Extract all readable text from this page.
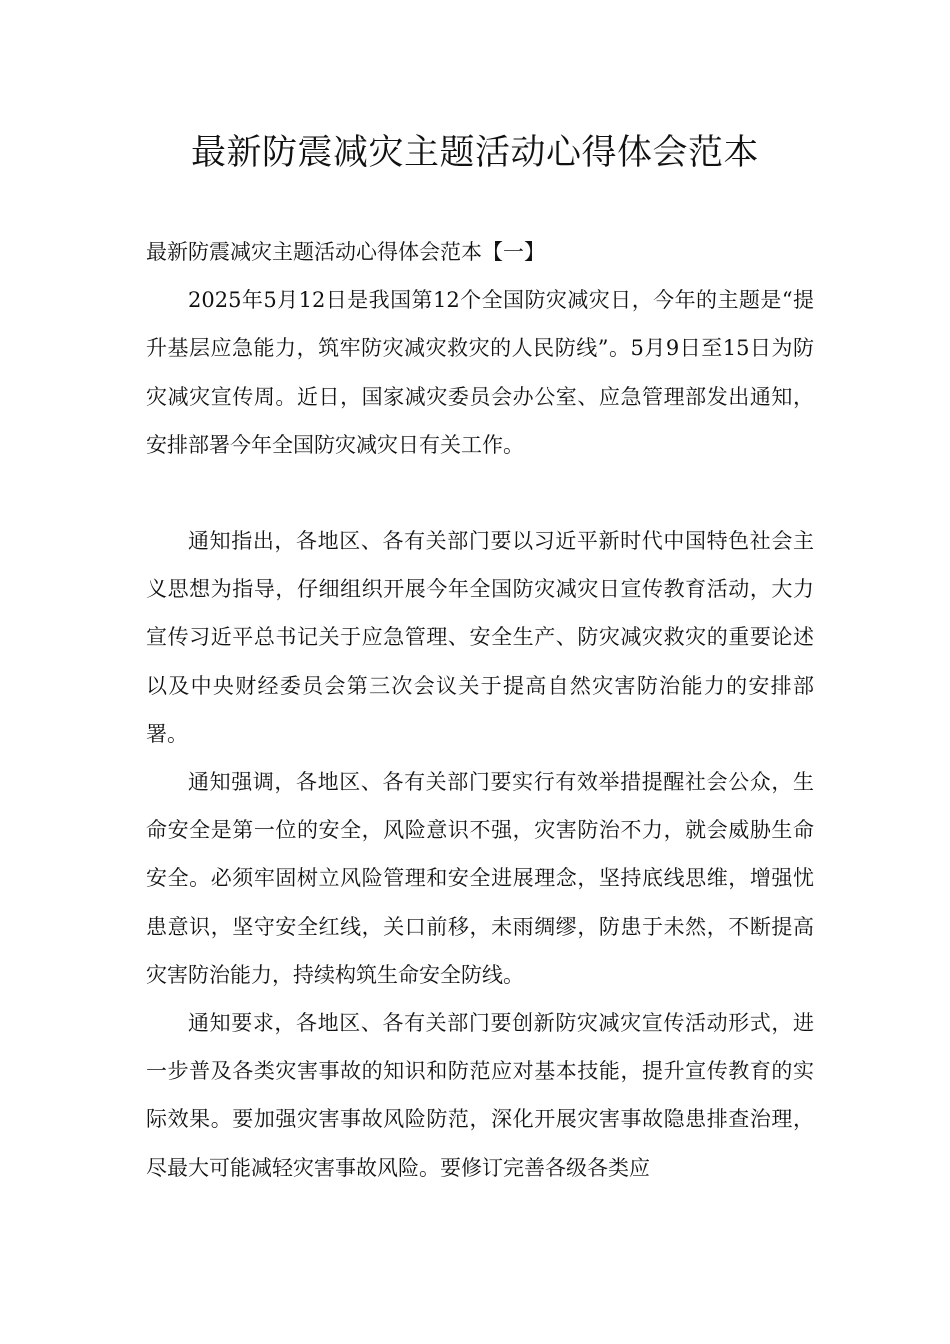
最新防震减灾主题活动心得体会范本

最新防震减灾主题活动心得体会范本【一】

2025年5月12日是我国第12个全国防灾减灾日，今年的主题是“提升基层应急能力，筑牢防灾减灾救灾的人民防线”。5月9日至15日为防灾减灾宣传周。近日，国家减灾委员会办公室、应急管理部发出通知，安排部署今年全国防灾减灾日有关工作。

通知指出，各地区、各有关部门要以习近平新时代中国特色社会主义思想为指导，仔细组织开展今年全国防灾减灾日宣传教育活动，大力宣传习近平总书记关于应急管理、安全生产、防灾减灾救灾的重要论述以及中央财经委员会第三次会议关于提高自然灾害防治能力的安排部署。

通知强调，各地区、各有关部门要实行有效举措提醒社会公众，生命安全是第一位的安全，风险意识不强，灾害防治不力，就会威胁生命安全。必须牢固树立风险管理和安全进展理念，坚持底线思维，增强忧患意识，坚守安全红线，关口前移，未雨绸缪，防患于未然，不断提高灾害防治能力，持续构筑生命安全防线。

通知要求，各地区、各有关部门要创新防灾减灾宣传活动形式，进一步普及各类灾害事故的知识和防范应对基本技能，提升宣传教育的实际效果。要加强灾害事故风险防范，深化开展灾害事故隐患排查治理，尽最大可能减轻灾害事故风险。要修订完善各级各类应
